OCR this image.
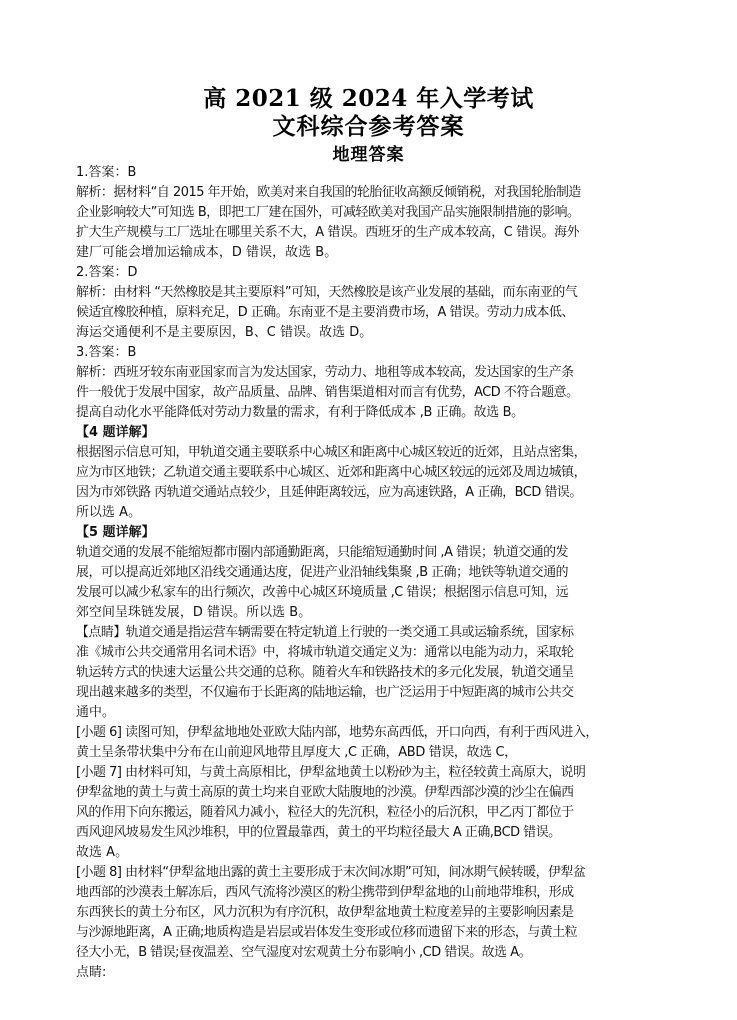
高 2021 级 2024 年入学考试
文科综合参考答案
地理答案
1.答案：B
解析：据材料“自 2015 年开始，欧美对来自我国的轮胎征收高额反倾销税，对我国轮胎制造
企业影响较大”可知选 B，即把工厂建在国外，可减轻欧美对我国产品实施限制措施的影响。
扩大生产规模与工厂选址在哪里关系不大，A 错误。西班牙的生产成本较高，C 错误。海外
建厂可能会增加运输成本，D 错误，故选 B。
2.答案：D
解析：由材料 “天然橡胶是其主要原料”可知，天然橡胶是该产业发展的基础，而东南亚的气
候适宜橡胶种植，原料充足，D 正确。东南亚不是主要消费市场，A 错误。劳动力成本低、
海运交通便利不是主要原因，B、C 错误。故选 D。
3.答案：B
解析：西班牙较东南亚国家而言为发达国家，劳动力、地租等成本较高，发达国家的生产条
件一般优于发展中国家，故产品质量、品牌、销售渠道相对而言有优势，ACD 不符合题意。
提高自动化水平能降低对劳动力数量的需求，有利于降低成本 ,B 正确。故选 B。
【4 题详解】
根据图示信息可知，甲轨道交通主要联系中心城区和距离中心城区较近的近郊，且站点密集，
应为市区地铁；乙轨道交通主要联系中心城区、近郊和距离中心城区较远的远郊及周边城镇，
因为市郊铁路 丙轨道交通站点较少，且延伸距离较远，应为高速铁路，A 正确，BCD 错误。
所以选 A。
【5 题详解】
轨道交通的发展不能缩短都市圈内部通勤距离，只能缩短通勤时间 ,A 错误；轨道交通的发
展，可以提高近郊地区沿线交通通达度，促进产业沿轴线集聚 ,B 正确；地铁等轨道交通的
发展可以减少私家车的出行频次，改善中心城区环境质量 ,C 错误；根据图示信息可知，远
郊空间呈珠链发展，D 错误。所以选 B。
【点睛】轨道交通是指运营车辆需要在特定轨道上行驶的一类交通工具或运输系统，国家标
准《城市公共交通常用名词术语》中，将城市轨道交通定义为：通常以电能为动力，采取轮
轨运转方式的快速大运量公共交通的总称。随着火车和铁路技术的多元化发展，轨道交通呈
现出越来越多的类型，不仅遍布于长距离的陆地运输，也广泛运用于中短距离的城市公共交
通中。
[小题 6] 读图可知，伊犁盆地地处亚欧大陆内部，地势东高西低，开口向西，有利于西风进入，
黄土呈条带状集中分布在山前迎风地带且厚度大 ,C 正确，ABD 错误，故选 C，
[小题 7] 由材料可知，与黄土高原相比，伊犁盆地黄土以粉砂为主，粒径较黄土高原大，说明
伊犁盆地的黄土与黄土高原的黄土均来自亚欧大陆腹地的沙漠。伊犁西部沙漠的沙尘在偏西
风的作用下向东搬运，随着风力减小，粒径大的先沉积，粒径小的后沉积，甲乙丙丁都位于
西风迎风坡易发生风沙堆积，甲的位置最靠西，黄土的平均粒径最大 A 正确,BCD 错误。
故选 A。
[小题 8] 由材料“伊犁盆地出露的黄土主要形成于末次间冰期”可知，间冰期气候转暖，伊犁盆
地西部的沙漠表土解冻后，西风气流将沙漠区的粉尘携带到伊犁盆地的山前地带堆积，形成
东西狭长的黄土分布区，风力沉积为有序沉积，故伊犁盆地黄土粒度差异的主要影响因素是
与沙源地距离，A 正确;地质构造是岩层或岩体发生变形或位移而遗留下来的形态，与黄土粒
径大小无，B 错误;昼夜温差、空气湿度对宏观黄土分布影响小 ,CD 错误。故选 A。
点睛:
